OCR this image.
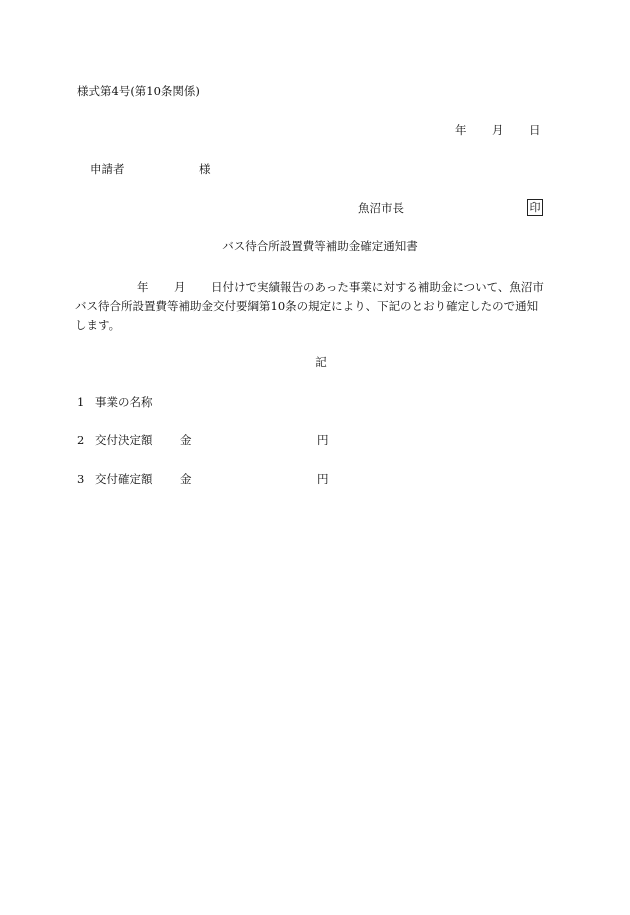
様式第4号(第10条関係)
年 月 日
申請者	様
魚沼市長	印
バス待合所設置費等補助金確定通知書
年 月 日付けで実績報告のあった事業に対する補助金について、魚沼市
バス待合所設置費等補助金交付要綱第10条の規定により、下記のとおり確定したので通知
します。
記
1 事業の名称
2 交付決定額 金	円
3 交付確定額 金	円
